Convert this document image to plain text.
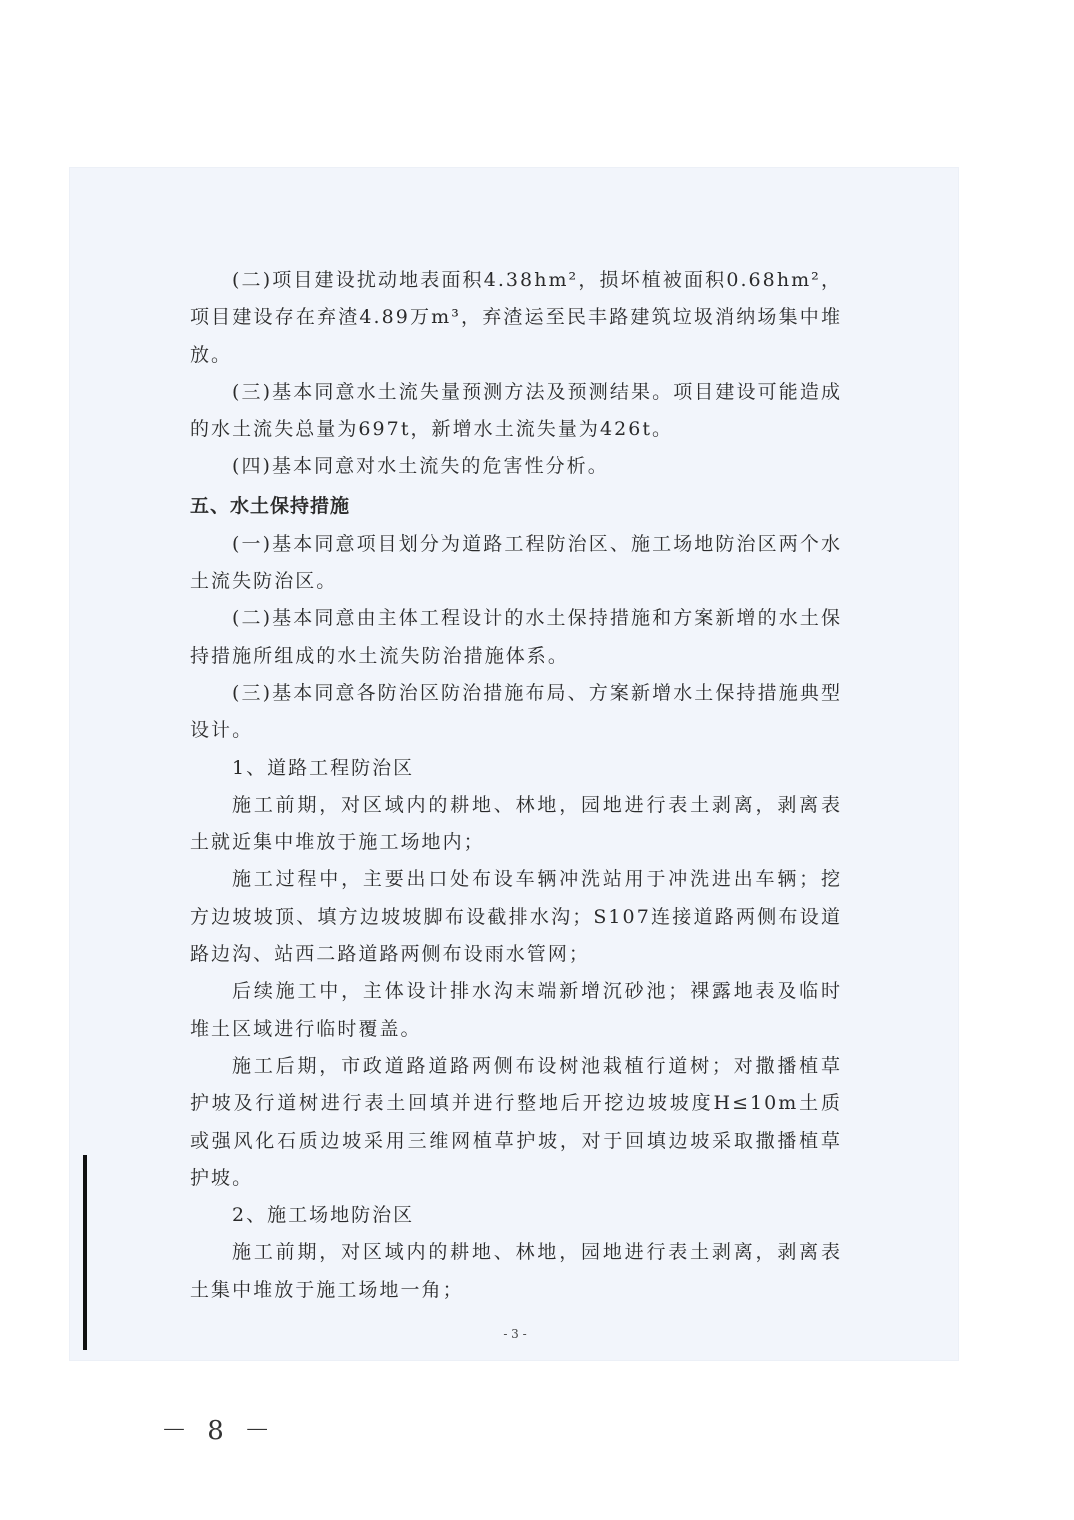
(二)项目建设扰动地表面积4.38hm²，损坏植被面积0.68hm²，项目建设存在弃渣4.89万m³，弃渣运至民丰路建筑垃圾消纳场集中堆放。

(三)基本同意水土流失量预测方法及预测结果。项目建设可能造成的水土流失总量为697t，新增水土流失量为426t。

(四)基本同意对水土流失的危害性分析。

五、水土保持措施

(一)基本同意项目划分为道路工程防治区、施工场地防治区两个水土流失防治区。

(二)基本同意由主体工程设计的水土保持措施和方案新增的水土保持措施所组成的水土流失防治措施体系。

(三)基本同意各防治区防治措施布局、方案新增水土保持措施典型设计。

1、道路工程防治区

施工前期，对区域内的耕地、林地，园地进行表土剥离，剥离表土就近集中堆放于施工场地内；

施工过程中，主要出口处布设车辆冲洗站用于冲洗进出车辆；挖方边坡坡顶、填方边坡坡脚布设截排水沟；S107连接道路两侧布设道路边沟、站西二路道路两侧布设雨水管网；

后续施工中，主体设计排水沟末端新增沉砂池；裸露地表及临时堆土区域进行临时覆盖。

施工后期，市政道路道路两侧布设树池栽植行道树；对撒播植草护坡及行道树进行表土回填并进行整地后开挖边坡坡度H≤10m土质或强风化石质边坡采用三维网植草护坡，对于回填边坡采取撒播植草护坡。

2、施工场地防治区

施工前期，对区域内的耕地、林地，园地进行表土剥离，剥离表土集中堆放于施工场地一角；

- 3 -
－ 8 －
